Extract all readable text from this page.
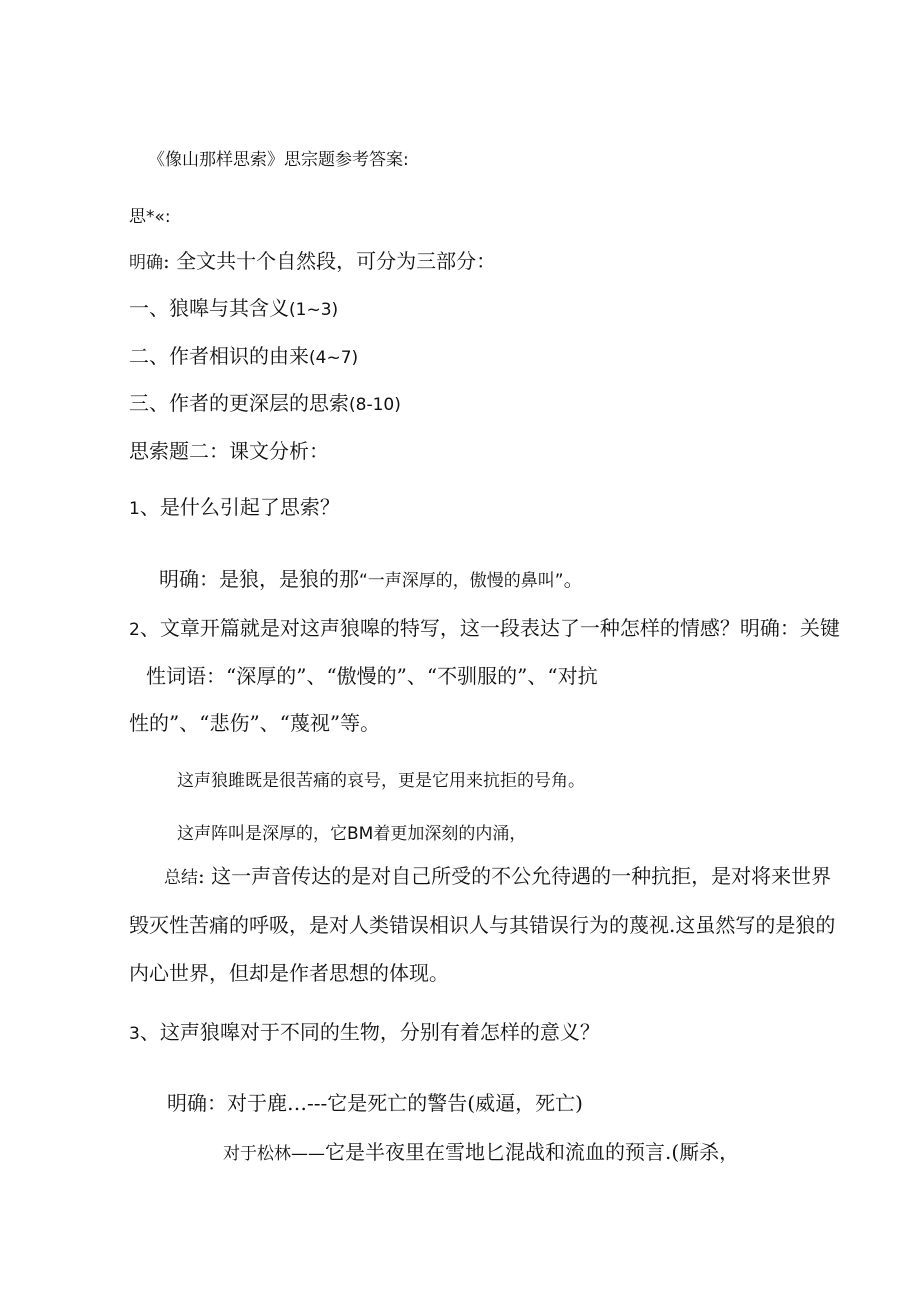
《像山那样思索》思宗题参考答案:
思*«:
明确: 全文共十个自然段，可分为三部分：
一、狼嗥与其含义(1~3)
二、作者相识的由来(4~7)
三、作者的更深层的思索(8-10)
思索题二：课文分析：
1、是什么引起了思索？
明确：是狼，是狼的那“一声深厚的，傲慢的鼻叫”。
2、文章开篇就是对这声狼嗥的特写，这一段表达了一种怎样的情感？明确：关键
性词语：“深厚的”、“傲慢的”、“不驯服的”、“对抗
性的”、“悲伤”、“蔑视”等。
这声狼雎既是很苦痛的哀号，更是它用来抗拒的号角。
这声阵叫是深厚的，它BM着更加深刻的内涌，
总结: 这一声音传达的是对自己所受的不公允待遇的一种抗拒，是对将来世界
毁灭性苦痛的呼吸，是对人类错误相识人与其错误行为的蔑视.这虽然写的是狼的
内心世界，但却是作者思想的体现。
3、这声狼嗥对于不同的生物，分别有着怎样的意义？
明确：对于鹿…---它是死亡的警告(威逼，死亡)
对于松林——它是半夜里在雪地匕混战和流血的预言.(厮杀，
